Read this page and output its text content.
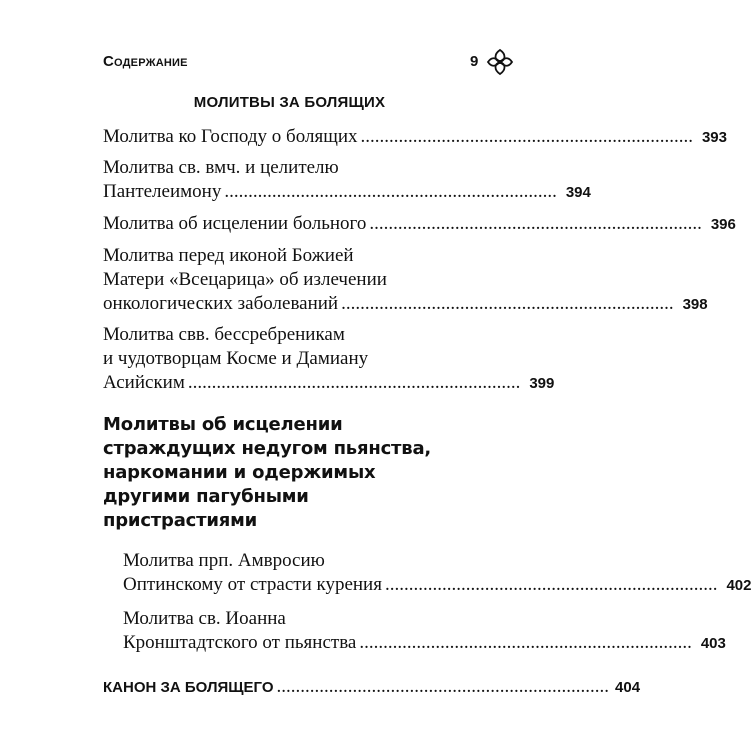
Содержание	9
МОЛИТВЫ ЗА БОЛЯЩИХ
Молитва ко Господу о болящих ...................................................................... 393
Молитва св. вмч. и целителю
Пантелеимону ...................................................................... 394
Молитва об исцелении больного ...................................................................... 396
Молитва перед иконой Божией
Матери «Всецарица» об излечении
онкологических заболеваний ...................................................................... 398
Молитва свв. бессребреникам
и чудотворцам Косме и Дамиану
Асийским ...................................................................... 399
Молитвы об исцелении
страждущих недугом пьянства,
наркомании и одержимых
другими пагубными
пристрастиями
Молитва прп. Амвросию
Оптинскому от страсти курения ...................................................................... 402
Молитва св. Иоанна
Кронштадтского от пьянства ...................................................................... 403
КАНОН ЗА БОЛЯЩЕГО ...................................................................... 404
